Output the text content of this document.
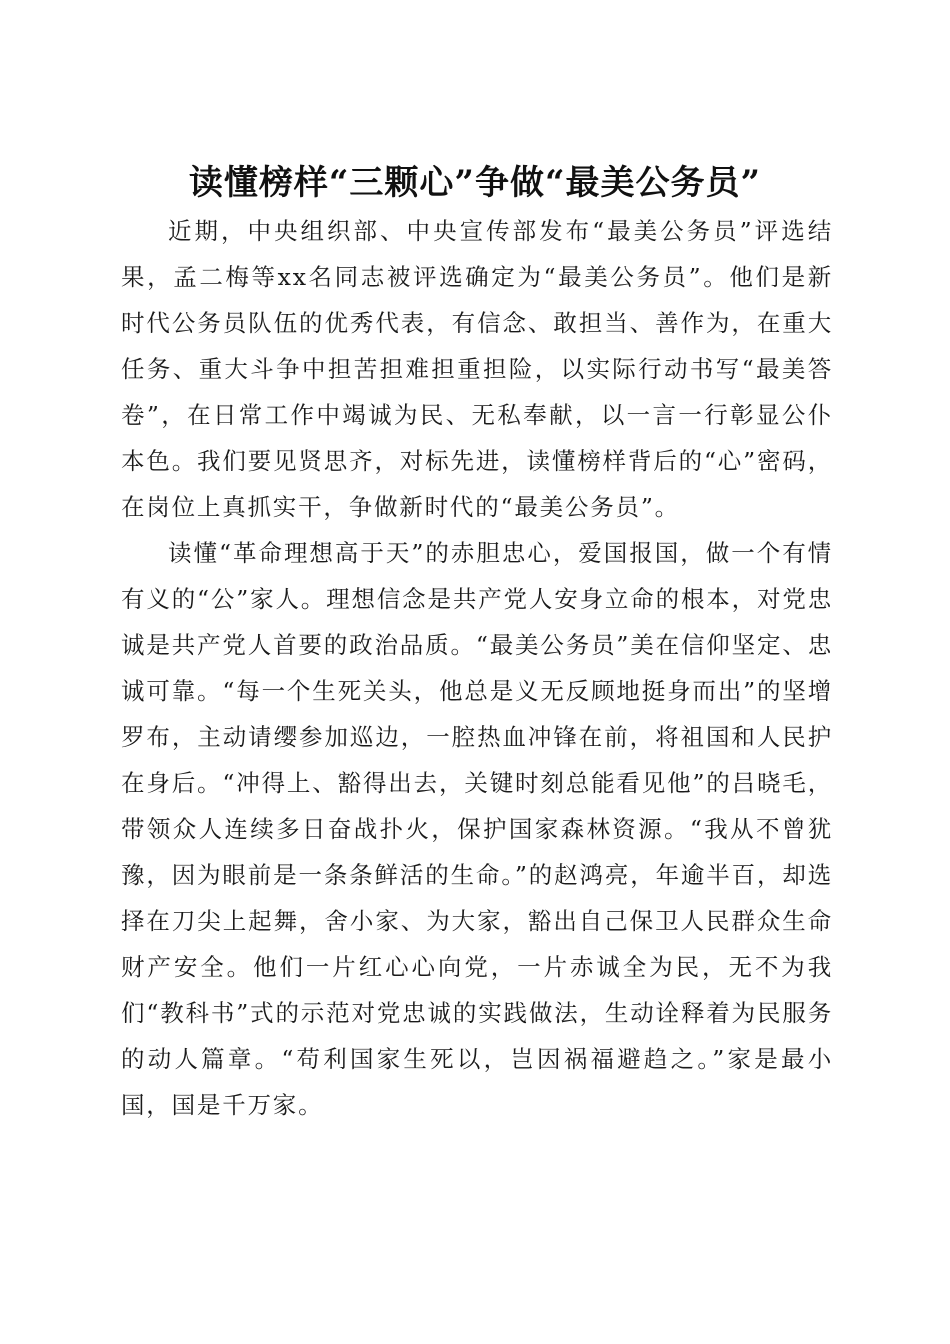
读懂榜样“三颗心”争做“最美公务员”

近期，中央组织部、中央宣传部发布“最美公务员”评选结果，孟二梅等xx名同志被评选确定为“最美公务员”。他们是新时代公务员队伍的优秀代表，有信念、敢担当、善作为，在重大任务、重大斗争中担苦担难担重担险，以实际行动书写“最美答卷”，在日常工作中竭诚为民、无私奉献，以一言一行彰显公仆本色。我们要见贤思齐，对标先进，读懂榜样背后的“心”密码，在岗位上真抓实干，争做新时代的“最美公务员”。

读懂“革命理想高于天”的赤胆忠心，爱国报国，做一个有情有义的“公”家人。理想信念是共产党人安身立命的根本，对党忠诚是共产党人首要的政治品质。“最美公务员”美在信仰坚定、忠诚可靠。“每一个生死关头，他总是义无反顾地挺身而出”的坚增罗布，主动请缨参加巡边，一腔热血冲锋在前，将祖国和人民护在身后。“冲得上、豁得出去，关键时刻总能看见他”的吕晓毛，带领众人连续多日奋战扑火，保护国家森林资源。“我从不曾犹豫，因为眼前是一条条鲜活的生命。”的赵鸿亮，年逾半百，却选择在刀尖上起舞，舍小家、为大家，豁出自己保卫人民群众生命财产安全。他们一片红心心向党，一片赤诚全为民，无不为我们“教科书”式的示范对党忠诚的实践做法，生动诠释着为民服务的动人篇章。“苟利国家生死以，岂因祸福避趋之。”家是最小国，国是千万家。
